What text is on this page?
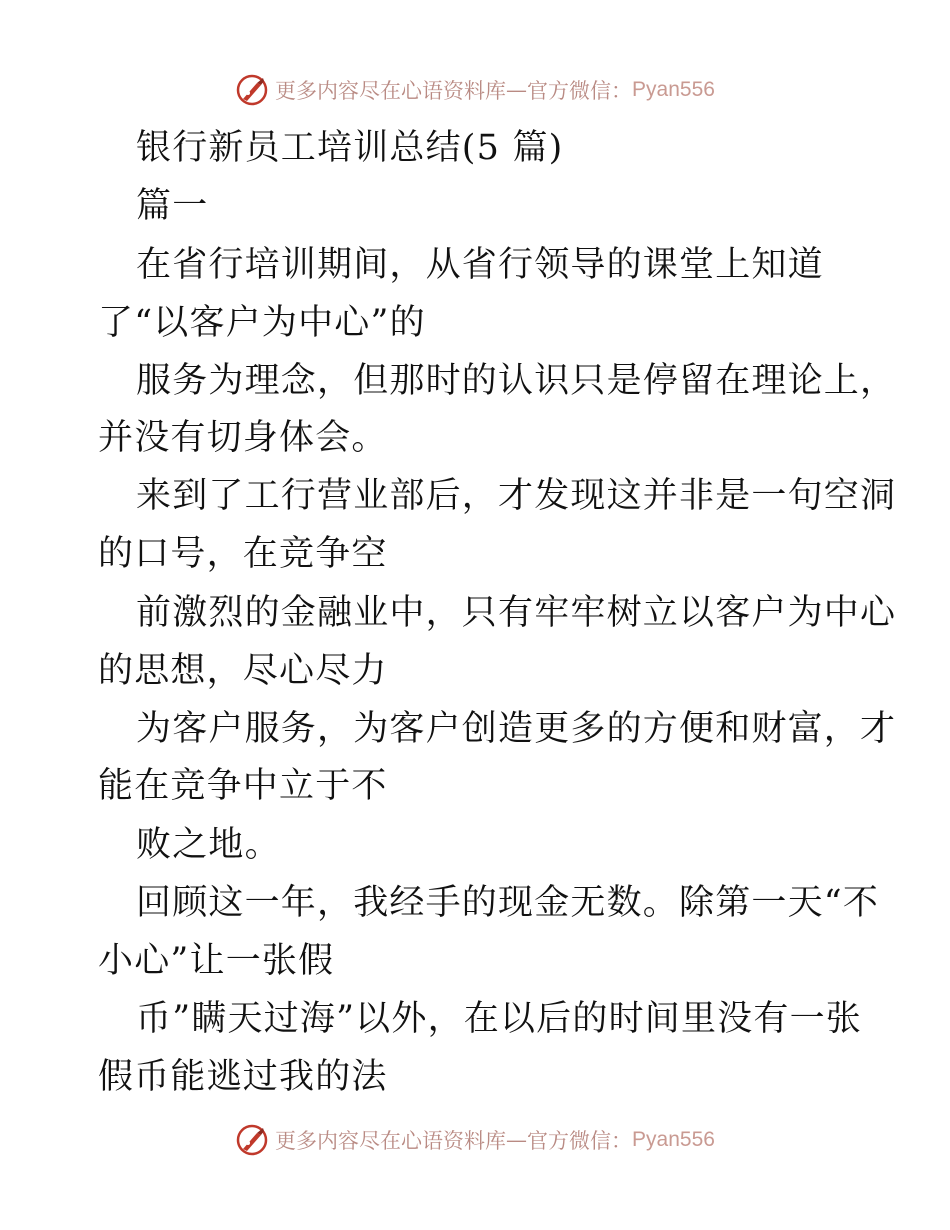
更多内容尽在心语资料库 — 官方微信： Pyan556
银行新员工培训总结(5 篇)
篇一
在省行培训期间，从省行领导的课堂上知道
了“以客户为中心”的
服务为理念，但那时的认识只是停留在理论上，
并没有切身体会。
来到了工行营业部后，才发现这并非是一句空洞
的口号，在竞争空
前激烈的金融业中，只有牢牢树立以客户为中心
的思想，尽心尽力
为客户服务，为客户创造更多的方便和财富，才
能在竞争中立于不
败之地。
回顾这一年，我经手的现金无数。除第一天“不
小心”让一张假
币”瞒天过海”以外，在以后的时间里没有一张
假币能逃过我的法
更多内容尽在心语资料库 — 官方微信： Pyan556
